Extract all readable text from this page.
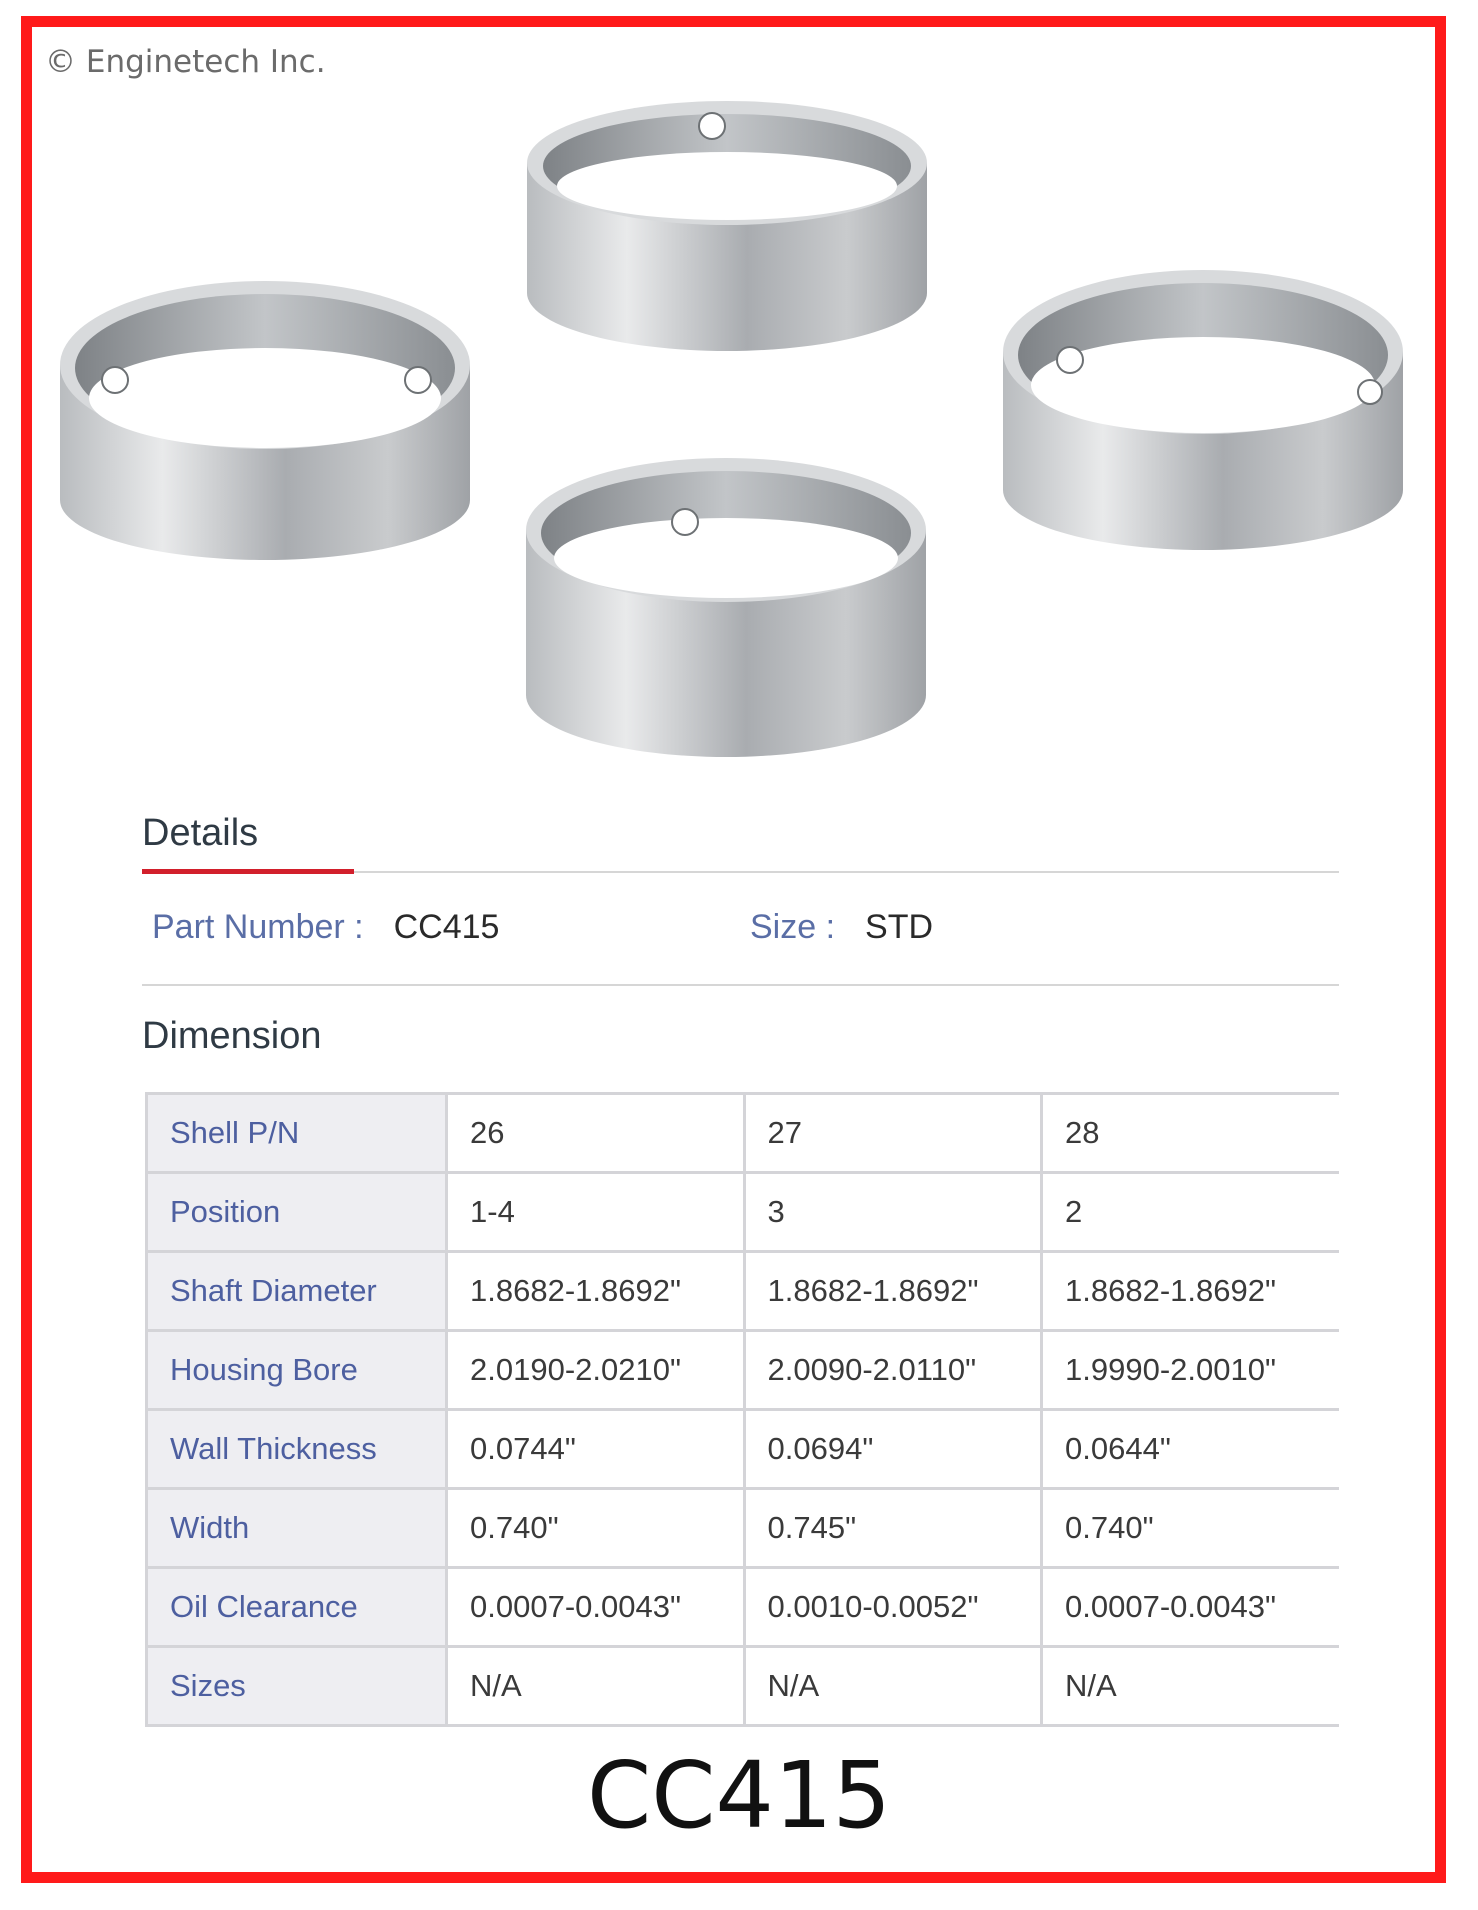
© Enginetech Inc.
Details
Part Number : CC415	Size : STD
Dimension
Shell P/N	26	27	28
Position	1-4	3	2
Shaft Diameter	1.8682-1.8692"	1.8682-1.8692"	1.8682-1.8692"
Housing Bore	2.0190-2.0210"	2.0090-2.0110"	1.9990-2.0010"
Wall Thickness	0.0744"	0.0694"	0.0644"
Width	0.740"	0.745"	0.740"
Oil Clearance	0.0007-0.0043"	0.0010-0.0052"	0.0007-0.0043"
Sizes	N/A	N/A	N/A
CC415
